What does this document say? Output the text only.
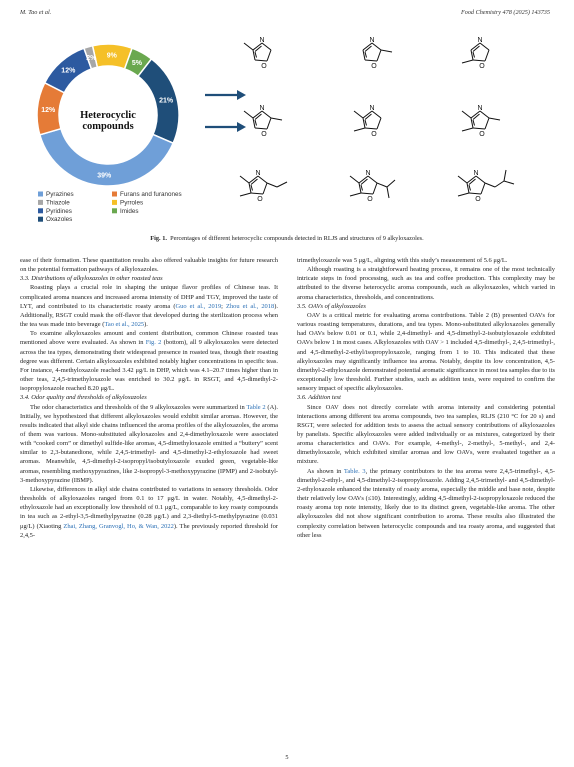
M. Tao et al.	Food Chemistry 478 (2025) 143735
9%
5%
21%
39%
12%
12%
2%
Heterocyclic
Pyrazines
Thiazole
Pyridines
Oxazoles
Furans and furanones
Pyrroles
Imides
N
O
N
O
N
O
N
O
N
O
N
O
N
O
N
O
N
O
compounds
Fig. 1. Percentages of different heterocyclic compounds detected in RLJS and structures of 9 alkyloxazoles.

ease of their formation. These quantitation results also offered valuable insights for future research on the potential formation pathways of alkyloxazoles.

3.3. Distributions of alkyloxazoles in other roasted teas

Roasting plays a crucial role in shaping the unique flavor profiles of Chinese teas. It complicated aroma nuances and increased aroma intensity of DHP and TGY, improved the taste of LYT, and contributed to its characteristic roasty aroma (Guo et al., 2019; Zhou et al., 2018). Additionally, RSGT could mask the off-flavor that developed during the sterilization process when the tea was made into beverage (Tao et al., 2025).

To examine alkyloxazoles amount and content distribution, common Chinese roasted teas mentioned above were evaluated. As shown in Fig. 2 (bottom), all 9 alkyloxazoles were detected across the tea types, demonstrating their widespread presence in roasted teas, though their roasting degree was different. Certain alkyloxazoles exhibited notably higher concentrations in specific teas. For instance, 4-methyloxazole reached 3.42 μg/L in DHP, which was 4.1–20.7 times higher than in other teas, 2,4,5-trimethyloxazole was enriched to 30.2 μg/L in RSGT, and 4,5-dimethyl-2-isopropyloxazole reached 8.20 μg/L.

3.4. Odor quality and thresholds of alkyloxazoles

The odor characteristics and thresholds of the 9 alkyloxazoles were summarized in Table 2 (A). Initially, we hypothesized that different alkyloxazoles would exhibit similar aromas. However, the results indicated that alkyl side chains influenced the aroma profiles of the alkyloxazoles, the aroma of them was various. Mono-substituted alkyloxazoles and 2,4-dimethyloxazole were associated with “cooked corn” or dimethyl sulfide-like aromas, 4,5-dimethyloxazole emitted a “buttery” scent similar to 2,3-butanedione, while 2,4,5-trimethyl- and 4,5-dimethyl-2-ethyloxazole had sweet aromas. Meanwhile, 4,5-dimethyl-2-isopropyl/isobutyloxazole exuded green, vegetable-like aromas, resembling methoxypyrazines, like 2-isopropyl-3-methoxypyrazine (IPMP) and 2-isobutyl-3-methoxypyrazine (IBMP).

Likewise, differences in alkyl side chains contributed to variations in sensory thresholds. Odor thresholds of alkyloxazoles ranged from 0.1 to 17 μg/L in water. Notably, 4,5-dimethyl-2-ethyloxazole had an exceptionally low threshold of 0.1 μg/L, comparable to key roasty compounds in tea such as 2-ethyl-3,5-dimethylpyrazine (0.28 μg/L) and 2,3-diethyl-5-methylpyrazine (0.031 μg/L) (Xiaoting Zhai, Zhang, Granvogl, Ho, & Wan, 2022). The previously reported threshold for 2,4,5-

trimethyloxazole was 5 μg/L, aligning with this study’s measurement of 5.6 μg/L.

Although roasting is a straightforward heating process, it remains one of the most technically intricate steps in food processing, such as tea and coffee production. This complexity may be attributed to the diverse heterocyclic aroma compounds, such as alkyloxazoles, which varied in aroma characteristics, thresholds, and concentrations.

3.5. OAVs of alkyloxazoles

OAV is a critical metric for evaluating aroma contributions. Table 2 (B) presented OAVs for various roasting temperatures, durations, and tea types. Mono-substituted alkyloxazoles generally had OAVs below 0.01 or 0.1, while 2,4-dimethyl- and 4,5-dimethyl-2-isobutyloxazole exhibited OAVs below 1 in most cases. Alkyloxazoles with OAV > 1 included 4,5-dimethyl-, 2,4,5-trimethyl-, and 4,5-dimethyl-2-ethyl/isopropyloxazole, ranging from 1 to 10. This indicated that these alkyloxazoles may significantly influence tea aroma. Notably, despite its low concentration, 4,5-dimethyl-2-ethyloxazole demonstrated potential aromatic significance in most tea samples due to its exceptionally low threshold. Further studies, such as addition tests, were required to confirm the sensory impact of specific alkyloxazoles.

3.6. Addition test

Since OAV does not directly correlate with aroma intensity and considering potential interactions among different tea aroma compounds, two tea samples, RLJS (210 °C for 20 s) and RSGT, were selected for addition tests to assess the actual sensory contributions of alkyloxazoles by panelists. Specific alkyloxazoles were added individually or as mixtures, categorized by their aroma characteristics and OAVs. For example, 4-methyl-, 2-methyl-, 5-methyl-, and 2,4-dimethyloxazole, which exhibited similar aromas and low OAVs, were evaluated together as a mixture.

As shown in Table. 3, the primary contributors to the tea aroma were 2,4,5-trimethyl-, 4,5-dimethyl-2-ethyl-, and 4,5-dimethyl-2-isopropyloxazole. Adding 2,4,5-trimethyl- and 4,5-dimethyl-2-ethyloxazole enhanced the intensity of roasty aroma, especially the middle and base note, despite their relatively low OAVs (≤10). Interestingly, adding 4,5-dimethyl-2-isopropyloxazole reduced the roasty aroma top note intensity, likely due to its distinct green, vegetable-like aroma. The other alkyloxazoles did not show significant contribution to aroma. These results also illustrated the complexity correlation between heterocyclic compounds and tea roasty aroma, and suggested that other less

5
